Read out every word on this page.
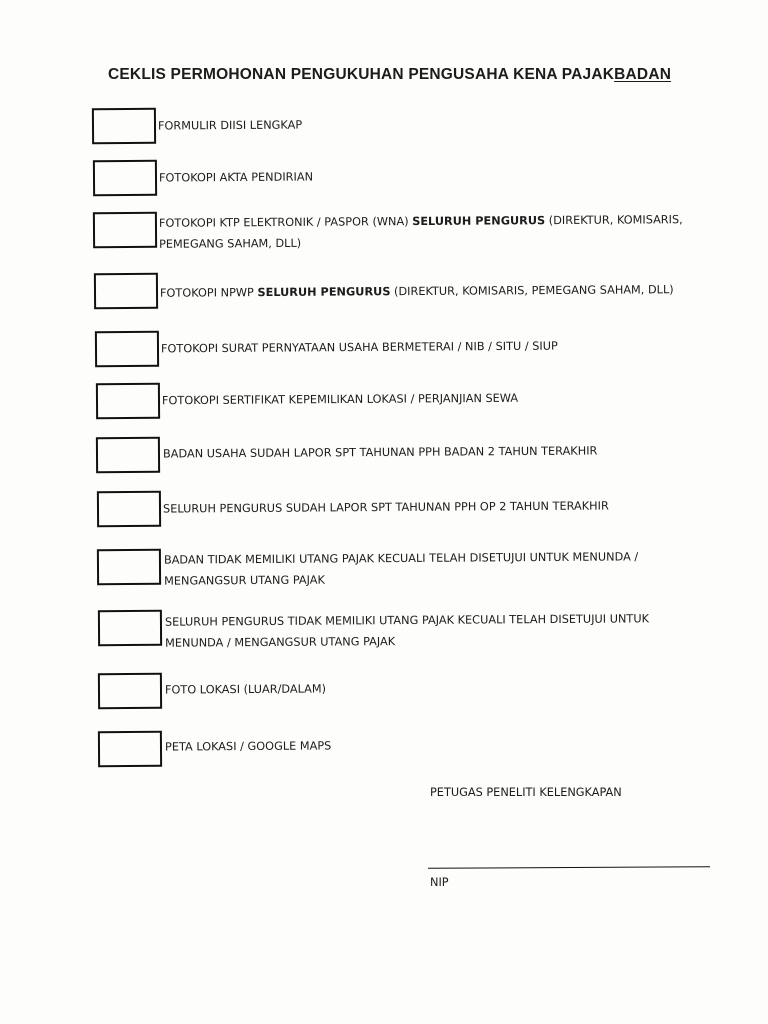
CEKLIS PERMOHONAN PENGUKUHAN PENGUSAHA KENA PAJAKBADAN
FORMULIR DIISI LENGKAP
FOTOKOPI AKTA PENDIRIAN
FOTOKOPI KTP ELEKTRONIK / PASPOR (WNA) SELURUH PENGURUS (DIREKTUR, KOMISARIS,
PEMEGANG SAHAM, DLL)
FOTOKOPI NPWP SELURUH PENGURUS (DIREKTUR, KOMISARIS, PEMEGANG SAHAM, DLL)
FOTOKOPI SURAT PERNYATAAN USAHA BERMETERAI / NIB / SITU / SIUP
FOTOKOPI SERTIFIKAT KEPEMILIKAN LOKASI / PERJANJIAN SEWA
BADAN USAHA SUDAH LAPOR SPT TAHUNAN PPH BADAN 2 TAHUN TERAKHIR
SELURUH PENGURUS SUDAH LAPOR SPT TAHUNAN PPH OP 2 TAHUN TERAKHIR
BADAN TIDAK MEMILIKI UTANG PAJAK KECUALI TELAH DISETUJUI UNTUK MENUNDA /
MENGANGSUR UTANG PAJAK
SELURUH PENGURUS TIDAK MEMILIKI UTANG PAJAK KECUALI TELAH DISETUJUI UNTUK
MENUNDA / MENGANGSUR UTANG PAJAK
FOTO LOKASI (LUAR/DALAM)
PETA LOKASI / GOOGLE MAPS
PETUGAS PENELITI KELENGKAPAN
NIP
